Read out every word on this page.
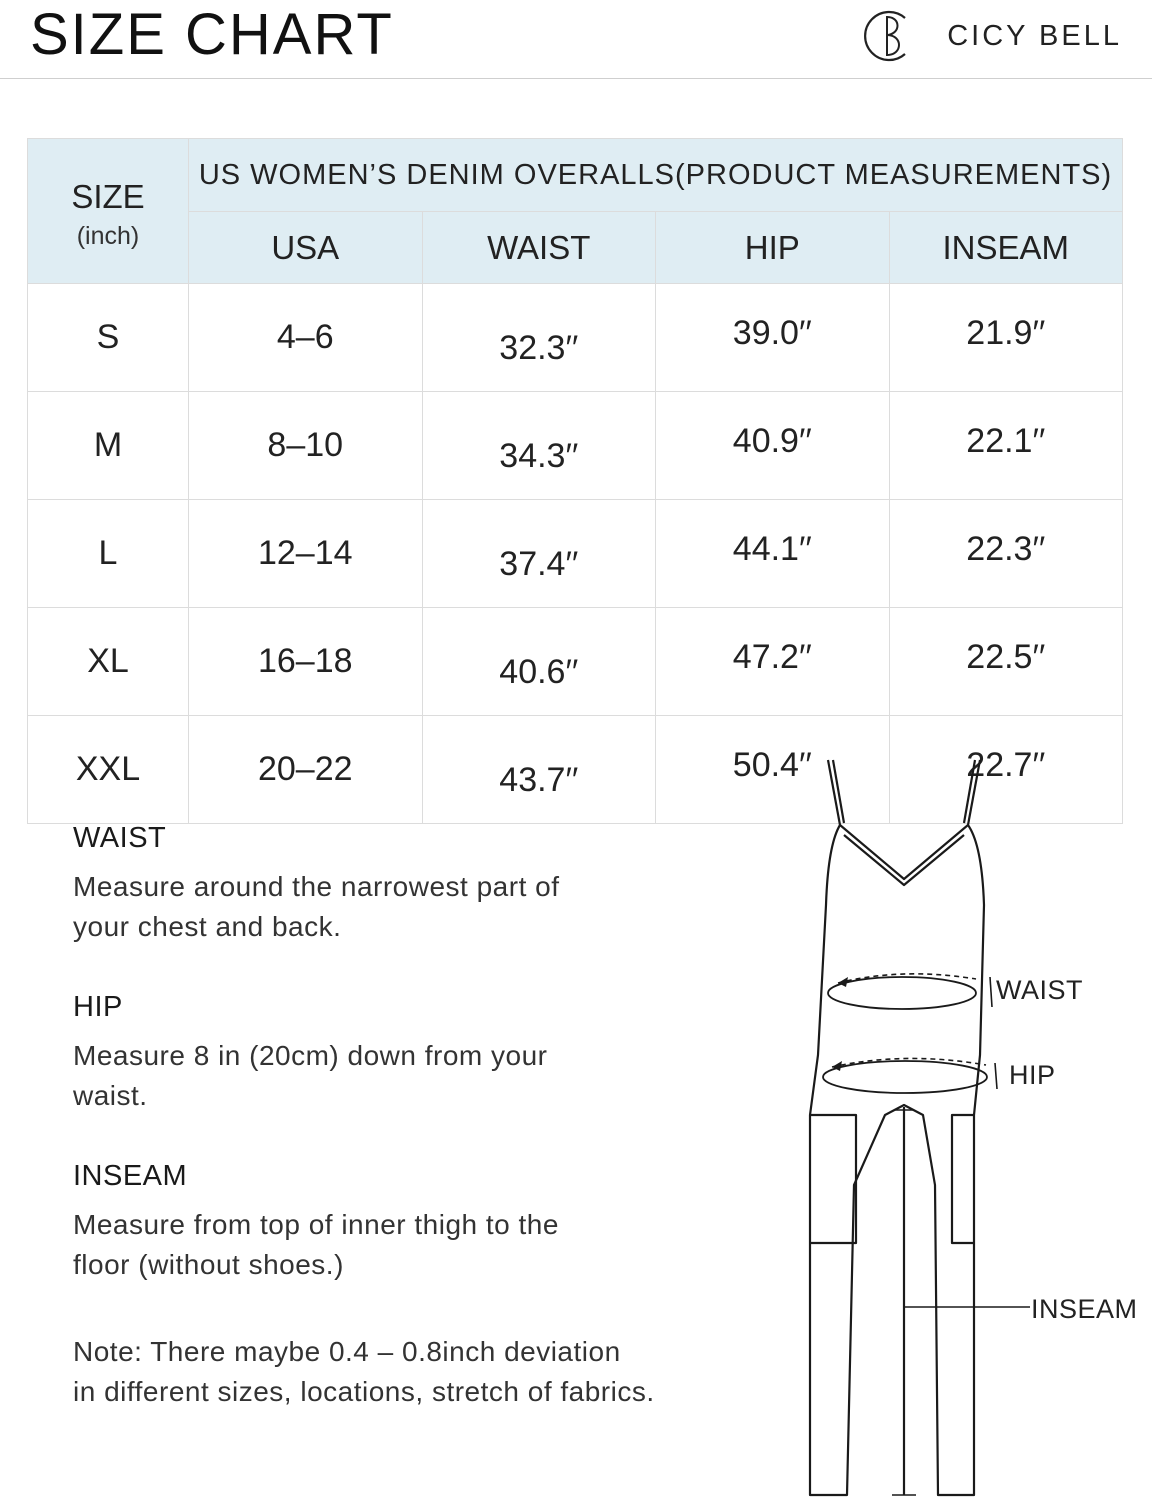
SIZE CHART	CICY BELL
SIZE
(inch)	US WOMEN’S DENIM OVERALLS(PRODUCT MEASUREMENTS)			
	USA	WAIST	HIP	INSEAM
S	4–6	32.3′′	39.0′′	21.9′′
M	8–10	34.3′′	40.9′′	22.1′′
L	12–14	37.4′′	44.1′′	22.3′′
XL	16–18	40.6′′	47.2′′	22.5′′
XXL	20–22	43.7′′	50.4′′	22.7′′
WAIST
Measure around the narrowest part of
your chest and back.
HIP
Measure 8 in (20cm) down from your
waist.
INSEAM
Measure from top of inner thigh to the
floor (without shoes.)
Note: There maybe 0.4 – 0.8inch deviation
in different sizes, locations, stretch of fabrics.
WAIST
HIP
INSEAM
